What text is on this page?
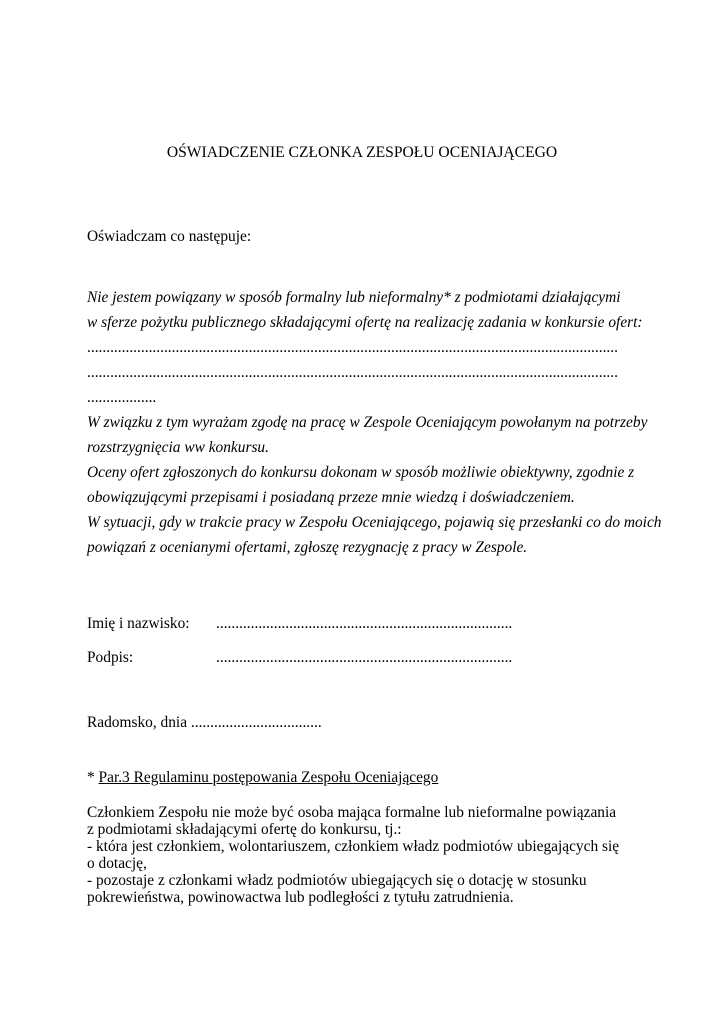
OŚWIADCZENIE CZŁONKA ZESPOŁU OCENIAJĄCEGO
Oświadczam co następuje:
Nie jestem powiązany w sposób formalny lub nieformalny* z podmiotami działającymi
w sferze pożytku publicznego składającymi ofertę na realizację zadania w konkursie ofert:
..........................................................................................................................................
..........................................................................................................................................
..................
W związku z tym wyrażam zgodę na pracę w Zespole Oceniającym powołanym na potrzeby
rozstrzygnięcia ww konkursu.
Oceny ofert zgłoszonych do konkursu dokonam w sposób możliwie obiektywny, zgodnie z
obowiązującymi przepisami i posiadaną przeze mnie wiedzą i doświadczeniem.
W sytuacji, gdy w trakcie pracy w Zespołu Oceniającego, pojawią się przesłanki co do moich
powiązań z ocenianymi ofertami, zgłoszę rezygnację z pracy w Zespole.
Imię i nazwisko: .............................................................................
Podpis:	.............................................................................
Radomsko, dnia ..................................
* Par.3 Regulaminu postępowania Zespołu Oceniającego
Członkiem Zespołu nie może być osoba mająca formalne lub nieformalne powiązania
z podmiotami składającymi ofertę do konkursu, tj.:
- która jest członkiem, wolontariuszem, członkiem władz podmiotów ubiegających się
o dotację,
- pozostaje z członkami władz podmiotów ubiegających się o dotację w stosunku
pokrewieństwa, powinowactwa lub podległości z tytułu zatrudnienia.
